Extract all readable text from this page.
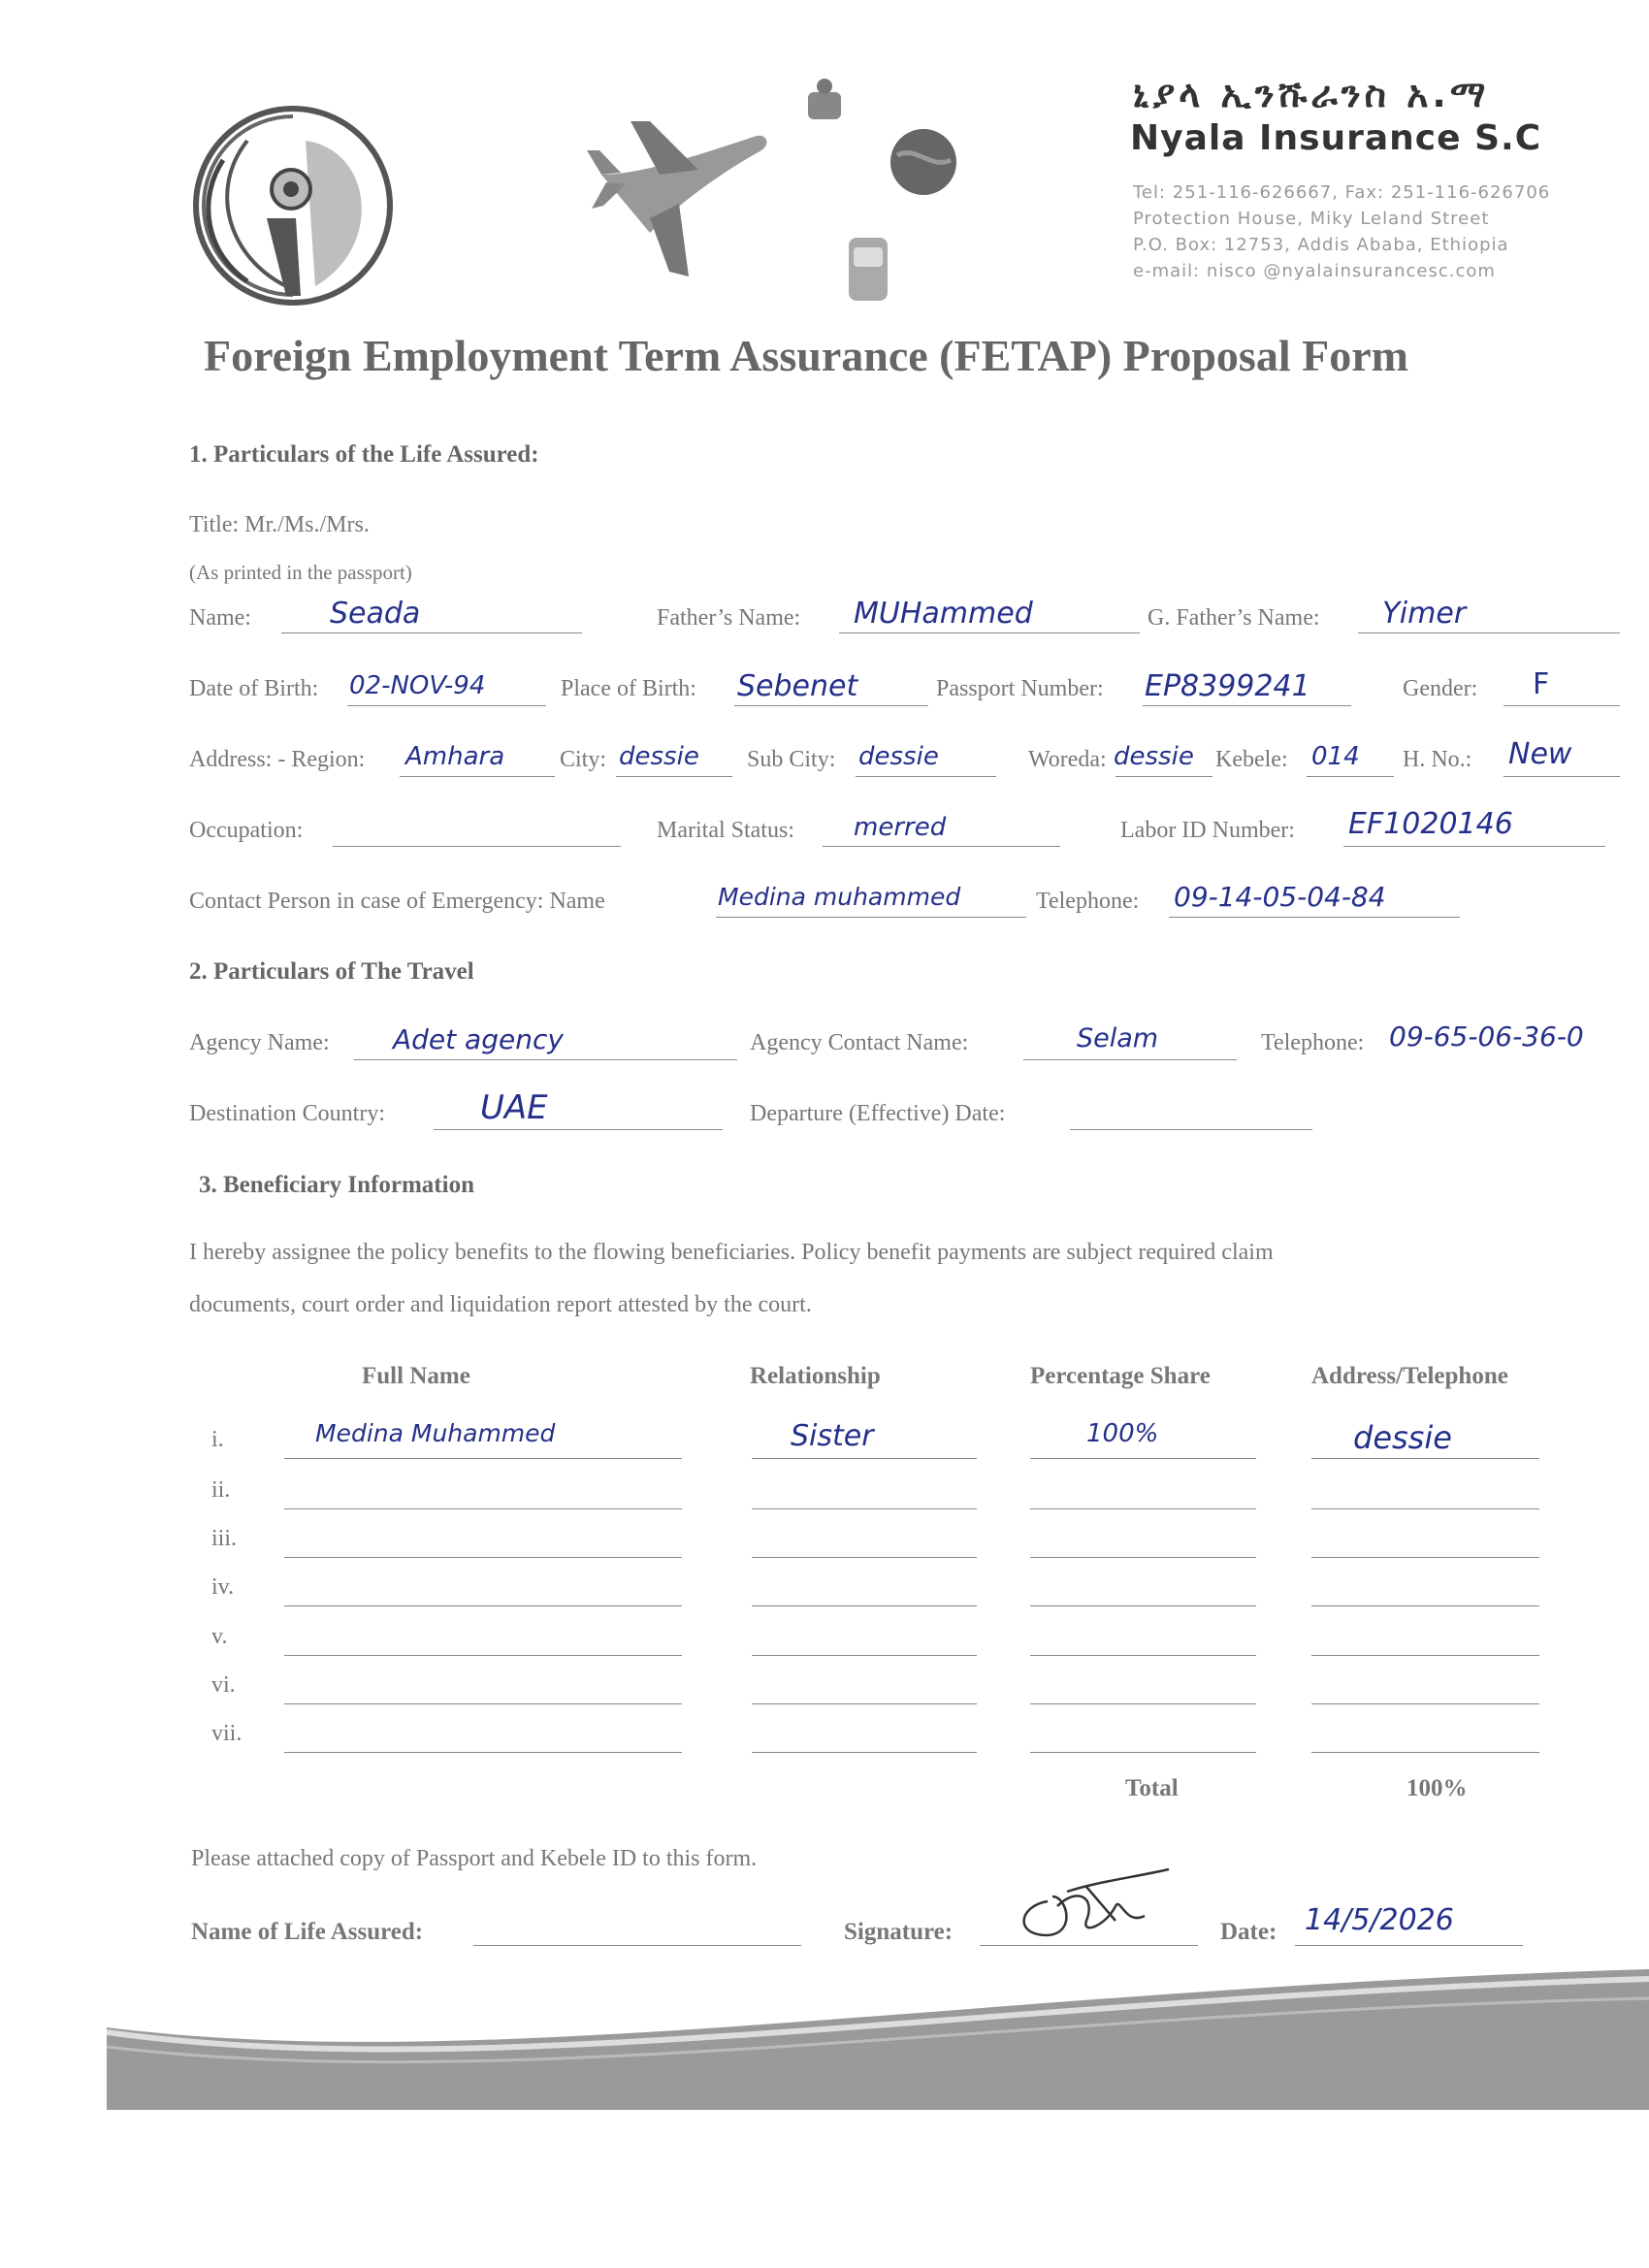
ኒያላ ኢንሹራንስ አ.ማ
Nyala Insurance S.C
Tel: 251-116-626667, Fax: 251-116-626706
Protection House, Miky Leland Street
P.O. Box: 12753, Addis Ababa, Ethiopia
e-mail: nisco @nyalainsurancesc.com
Foreign Employment Term Assurance (FETAP) Proposal Form
1. Particulars of the Life Assured:
Title: Mr./Ms./Mrs.
(As printed in the passport)
Name:	Seada	Father’s Name: MUHammed	G. Father’s Name: Yimer
Date of Birth: 02-NOV-94	Place of Birth: Sebenet	Passport Number: EP8399241	Gender: F
Address: - Region: Amhara City: dessie Sub City: dessie	Woreda: dessie Kebele: 014 H. No.: New
Occupation:	Marital Status: merred	Labor ID Number: EF1020146
Contact Person in case of Emergency: Name	Medina muhammed	Telephone: 09-14-05-04-84
2. Particulars of The Travel
Agency Name: Adet agency	Agency Contact Name:	Selam	Telephone: 09-65-06-36-0
Destination Country:	UAE	Departure (Effective) Date:
3. Beneficiary Information
I hereby assignee the policy benefits to the flowing beneficiaries. Policy benefit payments are subject required claim
documents, court order and liquidation report attested by the court.
Full Name	Relationship	Percentage Share	Address/Telephone
i.	Medina Muhammed	Sister	100%	dessie
ii.
iii.
iv.
v.
vi.
vii.
Total	100%
Please attached copy of Passport and Kebele ID to this form.
Name of Life Assured:	Signature:	Date: 14/5/2026
